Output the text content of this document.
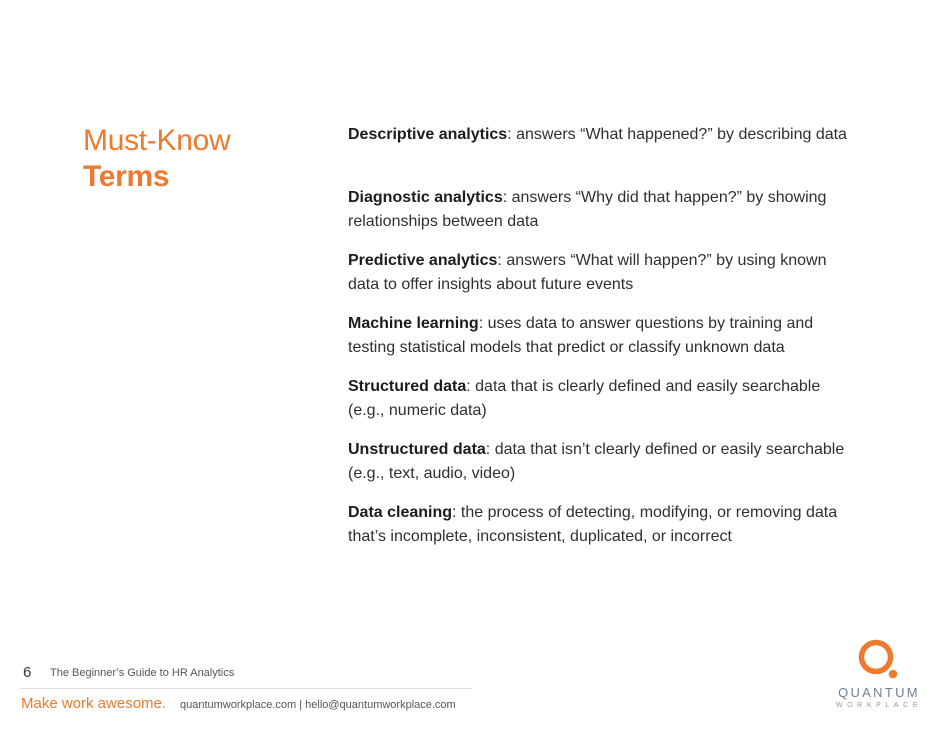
Must-Know
Terms
Descriptive analytics: answers “What happened?” by describing data
Diagnostic analytics: answers “Why did that happen?” by showing relationships between data
Predictive analytics: answers “What will happen?” by using known data to offer insights about future events
Machine learning: uses data to answer questions by training and testing statistical models that predict or classify unknown data
Structured data: data that is clearly defined and easily searchable (e.g., numeric data)
Unstructured data: data that isn’t clearly defined or easily searchable (e.g., text, audio, video)
Data cleaning: the process of detecting, modifying, or removing data that’s incomplete, inconsistent, duplicated, or incorrect
6 The Beginner’s Guide to HR Analytics
Make work awesome. quantumworkplace.com | hello@quantumworkplace.com
QUANTUM
WORKPLACE
